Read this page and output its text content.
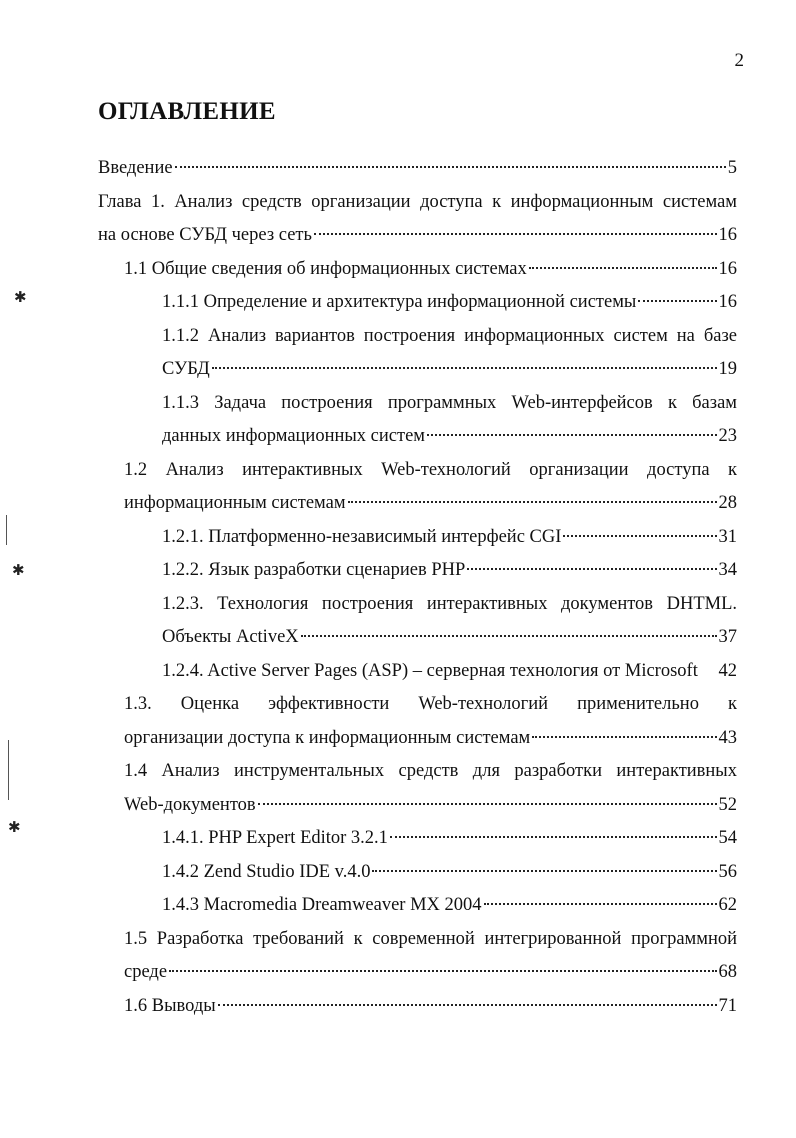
2
ОГЛАВЛЕНИЕ
Введение	5
Глава 1. Анализ средств организации доступа к информационным системам
на основе СУБД через сеть	16
1.1 Общие сведения об информационных системах	16
1.1.1 Определение и архитектура информационной системы	16
1.1.2 Анализ вариантов построения информационных систем на базе
СУБД	19
1.1.3 Задача построения программных Web-интерфейсов к базам
данных информационных систем	23
1.2 Анализ интерактивных Web-технологий организации доступа к
информационным системам	28
1.2.1. Платформенно-независимый интерфейс CGI	31
1.2.2. Язык разработки сценариев PHP	34
1.2.3. Технология построения интерактивных документов DHTML.
Объекты ActiveX	37
1.2.4. Active Server Pages (ASP) – серверная технология от Microsoft 42
1.3. Оценка эффективности Web-технологий применительно к
организации доступа к информационным системам	43
1.4 Анализ инструментальных средств для разработки интерактивных
Web-документов	52
1.4.1. PHP Expert Editor 3.2.1	54
1.4.2 Zend Studio IDE v.4.0	56
1.4.3 Macromedia Dreamweaver MX 2004	62
1.5 Разработка требований к современной интегрированной программной
среде	68
1.6 Выводы	71
✱
✱
✱
